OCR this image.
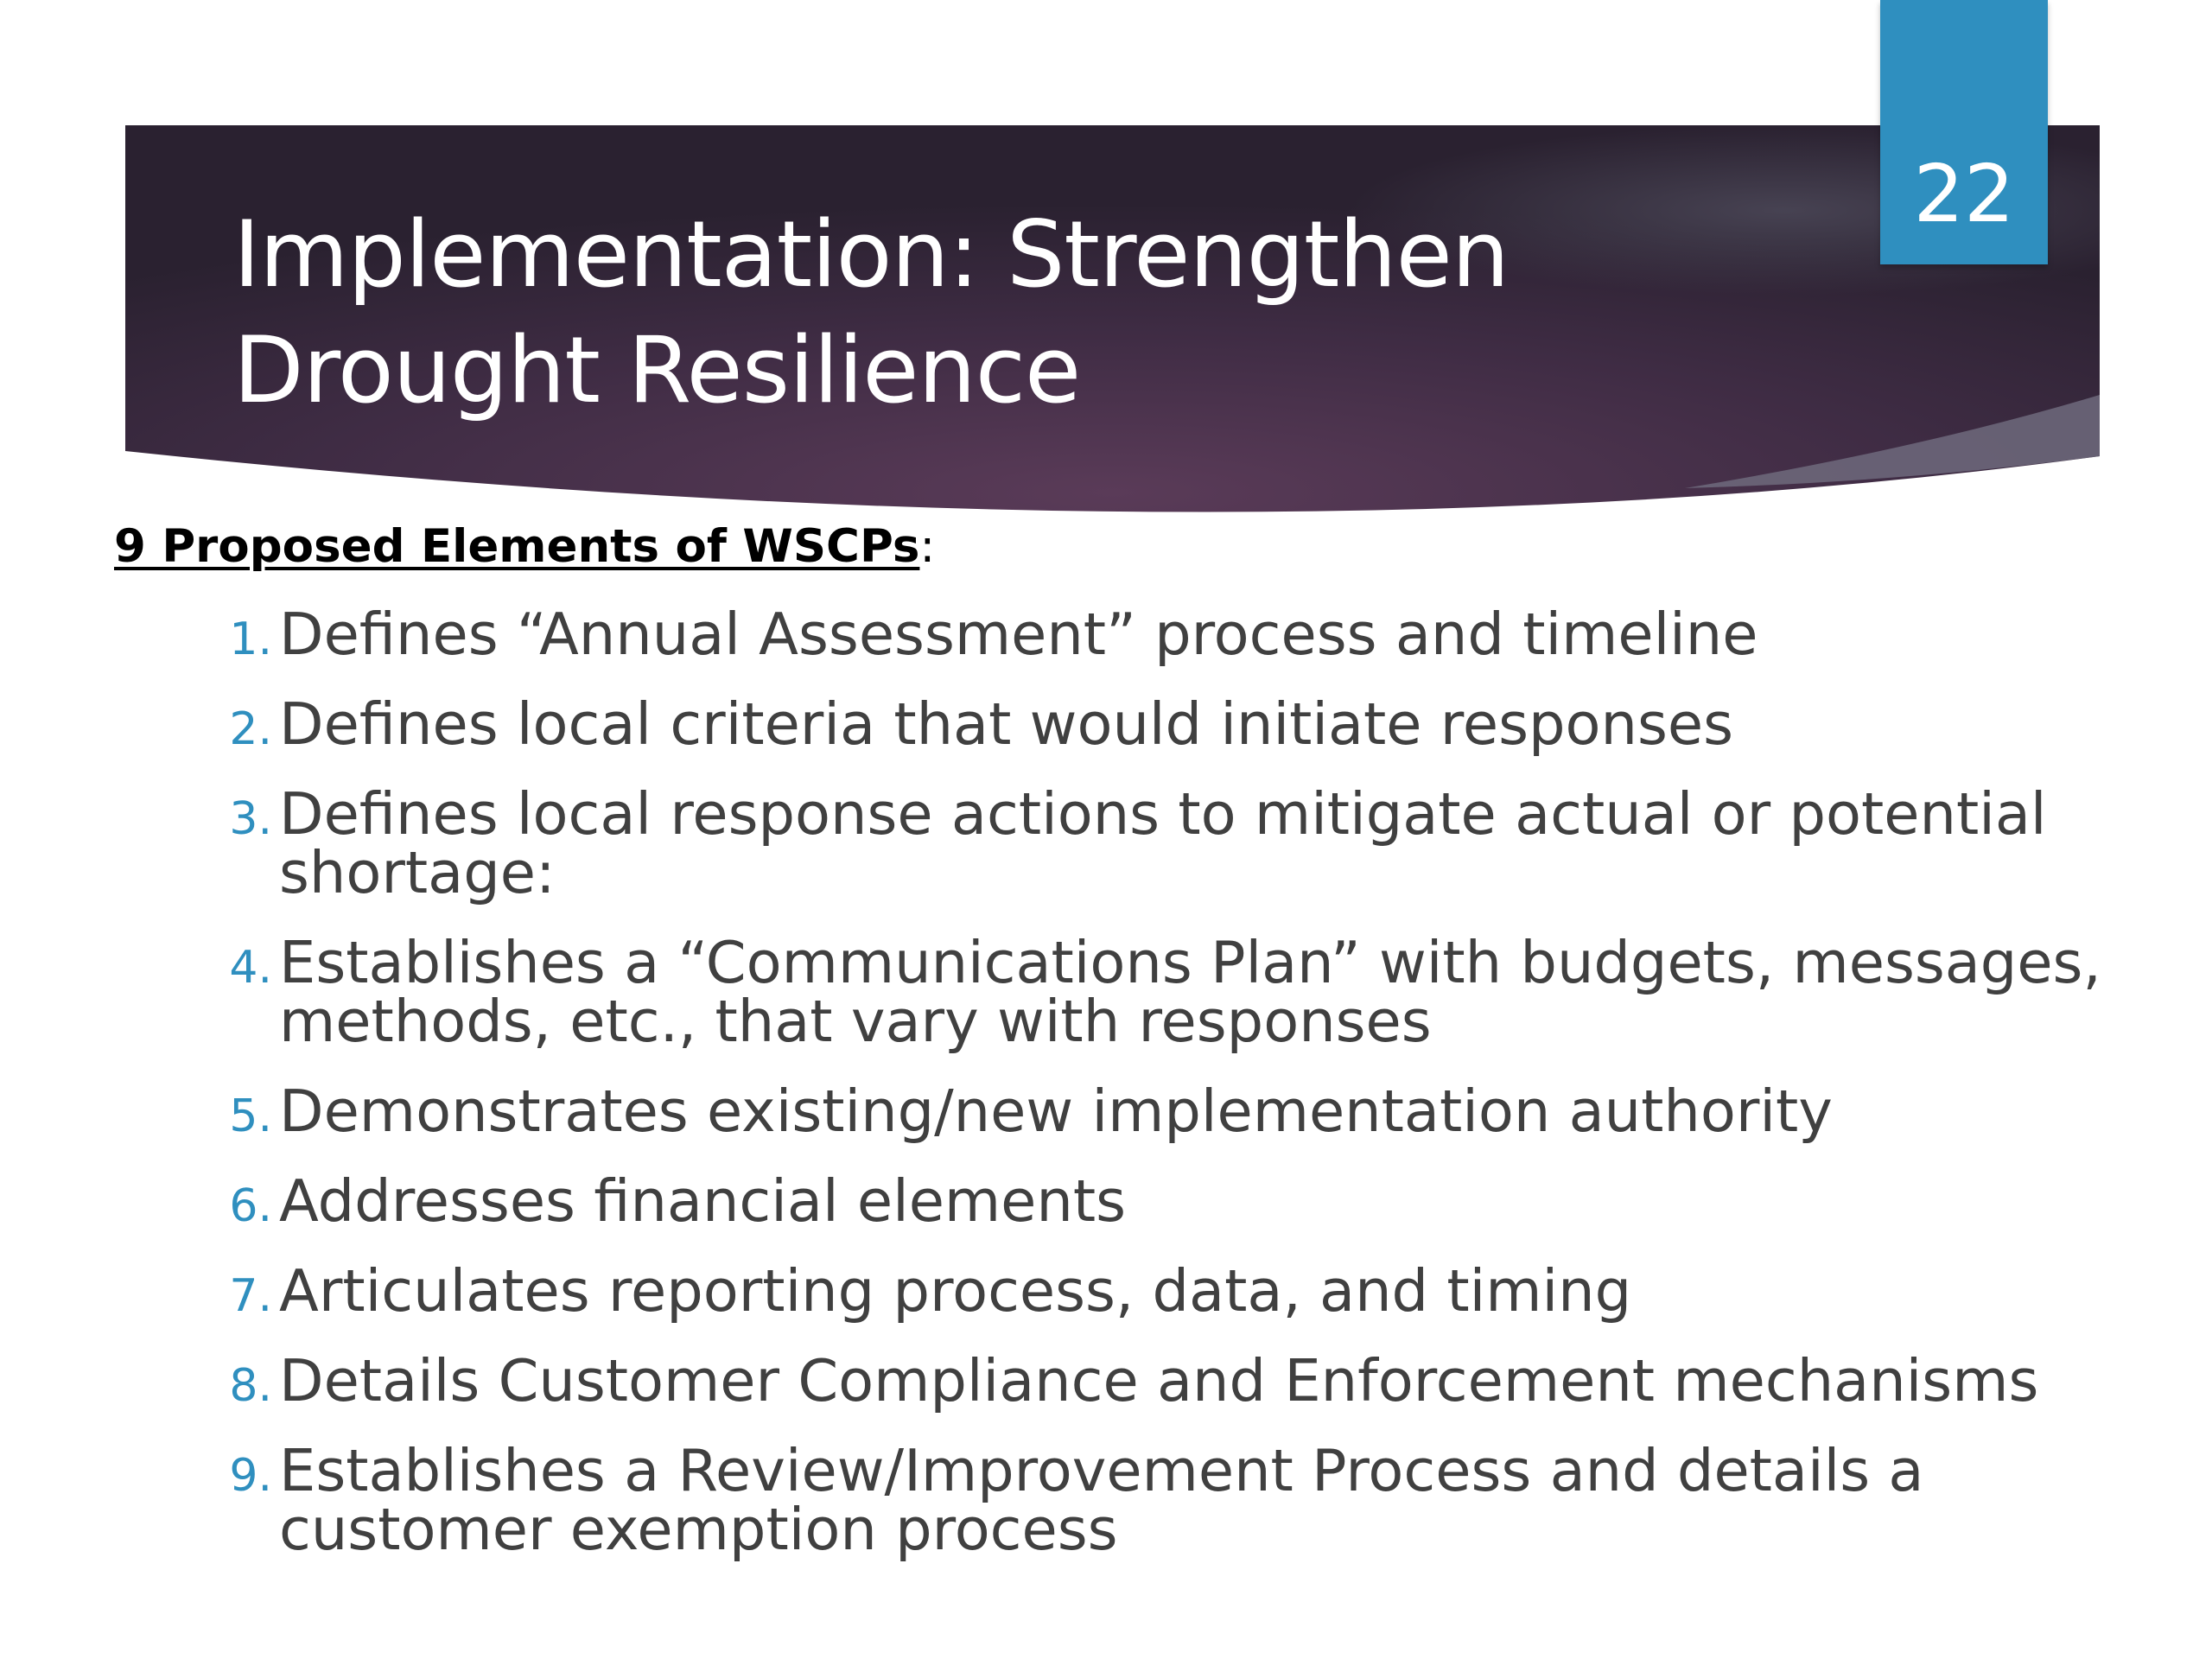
Implementation: Strengthen
Drought Resilience
22
9 Proposed Elements of WSCPs:
1. Defines “Annual Assessment” process and timeline
2. Defines local criteria that would initiate responses
3. Defines local response actions to mitigate actual or potential shortage:
4. Establishes a “Communications Plan” with budgets, messages, methods, etc., that vary with responses
5. Demonstrates existing/new implementation authority
6. Addresses financial elements
7. Articulates reporting process, data, and timing
8. Details Customer Compliance and Enforcement mechanisms
9. Establishes a Review/Improvement Process and details a customer exemption process
